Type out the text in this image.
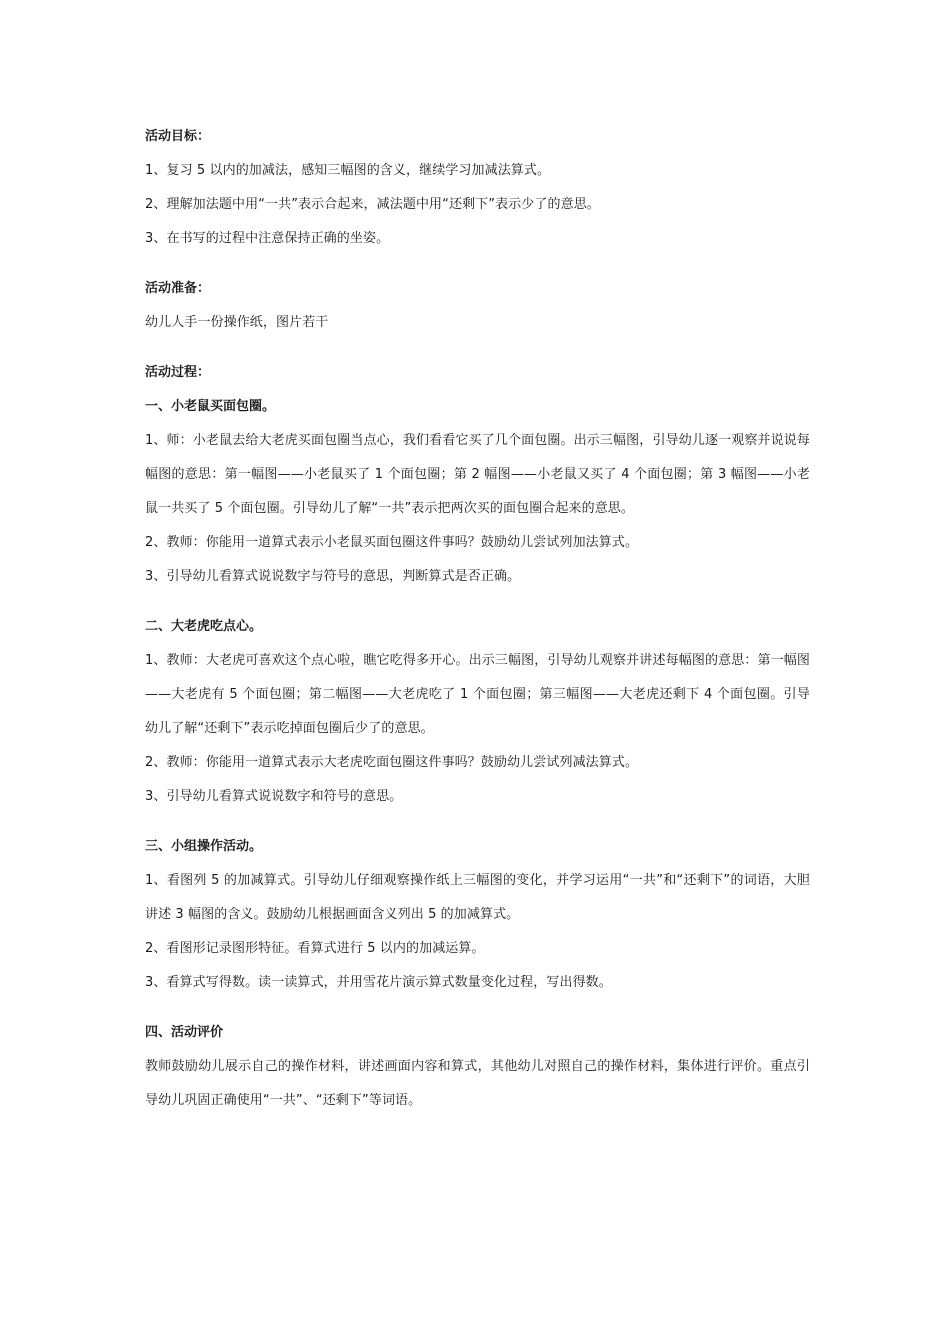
活动目标：

1、复习 5 以内的加减法，感知三幅图的含义，继续学习加减法算式。

2、理解加法题中用“一共”表示合起来，减法题中用“还剩下”表示少了的意思。

3、在书写的过程中注意保持正确的坐姿。

活动准备：

幼儿人手一份操作纸，图片若干

活动过程：

一、小老鼠买面包圈。

1、师：小老鼠去给大老虎买面包圈当点心，我们看看它买了几个面包圈。出示三幅图，引导幼儿逐一观察并说说每幅图的意思：第一幅图——小老鼠买了 1 个面包圈；第 2 幅图——小老鼠又买了 4 个面包圈；第 3 幅图——小老鼠一共买了 5 个面包圈。引导幼儿了解“一共”表示把两次买的面包圈合起来的意思。

2、教师：你能用一道算式表示小老鼠买面包圈这件事吗？鼓励幼儿尝试列加法算式。

3、引导幼儿看算式说说数字与符号的意思，判断算式是否正确。

二、大老虎吃点心。

1、教师：大老虎可喜欢这个点心啦，瞧它吃得多开心。出示三幅图，引导幼儿观察并讲述每幅图的意思：第一幅图——大老虎有 5 个面包圈；第二幅图——大老虎吃了 1 个面包圈；第三幅图——大老虎还剩下 4 个面包圈。引导幼儿了解“还剩下”表示吃掉面包圈后少了的意思。

2、教师：你能用一道算式表示大老虎吃面包圈这件事吗？鼓励幼儿尝试列减法算式。

3、引导幼儿看算式说说数字和符号的意思。

三、小组操作活动。

1、看图列 5 的加减算式。引导幼儿仔细观察操作纸上三幅图的变化，并学习运用“一共”和“还剩下”的词语，大胆讲述 3 幅图的含义。鼓励幼儿根据画面含义列出 5 的加减算式。

2、看图形记录图形特征。看算式进行 5 以内的加减运算。

3、看算式写得数。读一读算式，并用雪花片演示算式数量变化过程，写出得数。

四、活动评价

教师鼓励幼儿展示自己的操作材料，讲述画面内容和算式，其他幼儿对照自己的操作材料，集体进行评价。重点引导幼儿巩固正确使用“一共”、“还剩下”等词语。
